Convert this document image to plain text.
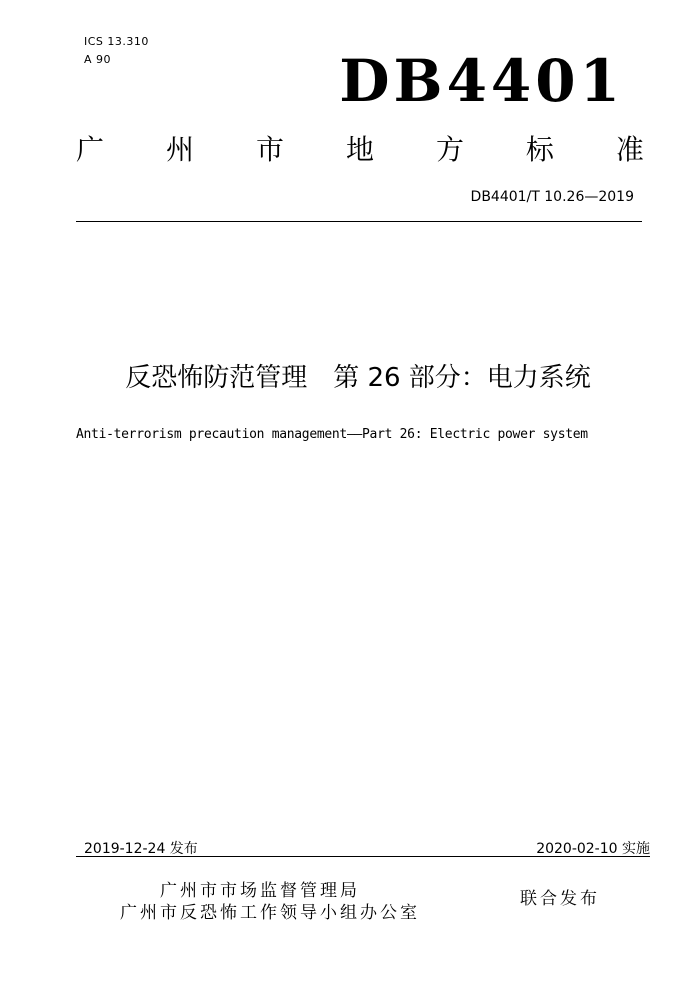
ICS 13.310
A 90	DB4401
广 州 市 地 方 标 准
DB4401/T 10.26—2019
反恐怖防范管理　第 26 部分：电力系统
Anti-terrorism precaution management——Part 26: Electric power system
2019-12-24 发布	2020-02-10 实施
广州市市场监督管理局
广州市反恐怖工作领导小组办公室
联合发布
